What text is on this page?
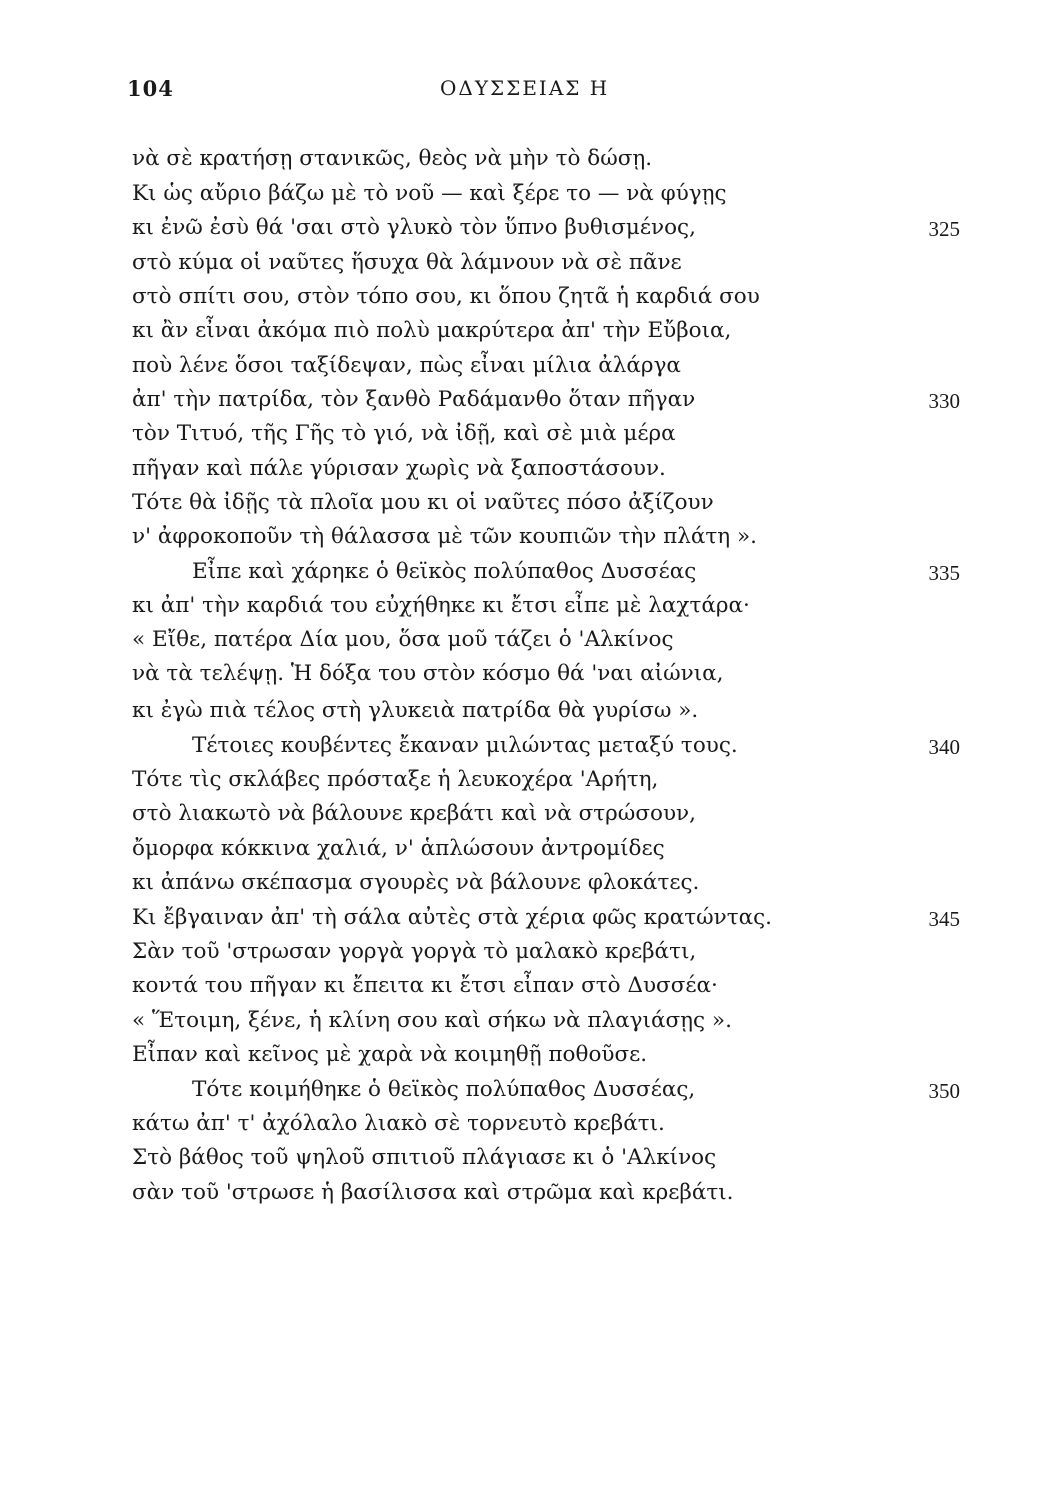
104	ΟΔΥΣΣΕΙΑΣ Η
νὰ σὲ κρατήσῃ στανικῶς, θεὸς νὰ μὴν τὸ δώσῃ.
Κι ὡς αὔριο βάζω μὲ τὸ νοῦ — καὶ ξέρε το — νὰ φύγῃς
κι ἐνῶ ἐσὺ θά 'σαι στὸ γλυκὸ τὸν ὕπνο βυθισμένος,
στὸ κύμα οἱ ναῦτες ἥσυχα θὰ λάμνουν νὰ σὲ πᾶνε
στὸ σπίτι σου, στὸν τόπο σου, κι ὅπου ζητᾶ ἡ καρδιά σου
κι ἂν εἶναι ἀκόμα πιὸ πολὺ μακρύτερα ἀπ' τὴν Εὔβοια,
ποὺ λένε ὅσοι ταξίδεψαν, πὼς εἶναι μίλια ἀλάργα
ἀπ' τὴν πατρίδα, τὸν ξανθὸ Ραδάμανθο ὅταν πῆγαν
τὸν Τιτυό, τῆς Γῆς τὸ γιό, νὰ ἰδῇ, καὶ σὲ μιὰ μέρα
πῆγαν καὶ πάλε γύρισαν χωρὶς νὰ ξαποστάσουν.
Τότε θὰ ἰδῇς τὰ πλοῖα μου κι οἱ ναῦτες πόσο ἀξίζουν
ν' ἀφροκοποῦν τὴ θάλασσα μὲ τῶν κουπιῶν τὴν πλάτη ».
Εἶπε καὶ χάρηκε ὁ θεϊκὸς πολύπαθος Δυσσέας
κι ἀπ' τὴν καρδιά του εὐχήθηκε κι ἔτσι εἶπε μὲ λαχτάρα·
« Εἴθε, πατέρα Δία μου, ὅσα μοῦ τάζει ὁ 'Αλκίνος
νὰ τὰ τελέψῃ. Ἡ δόξα του στὸν κόσμο θά 'ναι αἰώνια,
κι ἐγὼ πιὰ τέλος στὴ γλυκειὰ πατρίδα θὰ γυρίσω ».
Τέτοιες κουβέντες ἔκαναν μιλώντας μεταξύ τους.
Τότε τὶς σκλάβες πρόσταξε ἡ λευκοχέρα 'Αρήτη,
στὸ λιακωτὸ νὰ βάλουνε κρεβάτι καὶ νὰ στρώσουν,
ὄμορφα κόκκινα χαλιά, ν' ἁπλώσουν ἀντρομίδες
κι ἀπάνω σκέπασμα σγουρὲς νὰ βάλουνε φλοκάτες.
Κι ἔβγαιναν ἀπ' τὴ σάλα αὐτὲς στὰ χέρια φῶς κρατώντας.
Σὰν τοῦ 'στρωσαν γοργὰ γοργὰ τὸ μαλακὸ κρεβάτι,
κοντά του πῆγαν κι ἔπειτα κι ἔτσι εἶπαν στὸ Δυσσέα·
« Ἕτοιμη, ξένε, ἡ κλίνη σου καὶ σήκω νὰ πλαγιάσῃς ».
Εἶπαν καὶ κεῖνος μὲ χαρὰ νὰ κοιμηθῇ ποθοῦσε.
Τότε κοιμήθηκε ὁ θεϊκὸς πολύπαθος Δυσσέας,
κάτω ἀπ' τ' ἀχόλαλο λιακὸ σὲ τορνευτὸ κρεβάτι.
Στὸ βάθος τοῦ ψηλοῦ σπιτιοῦ πλάγιασε κι ὁ 'Αλκίνος
σὰν τοῦ 'στρωσε ἡ βασίλισσα καὶ στρῶμα καὶ κρεβάτι.
325
330
335
340
345
350
